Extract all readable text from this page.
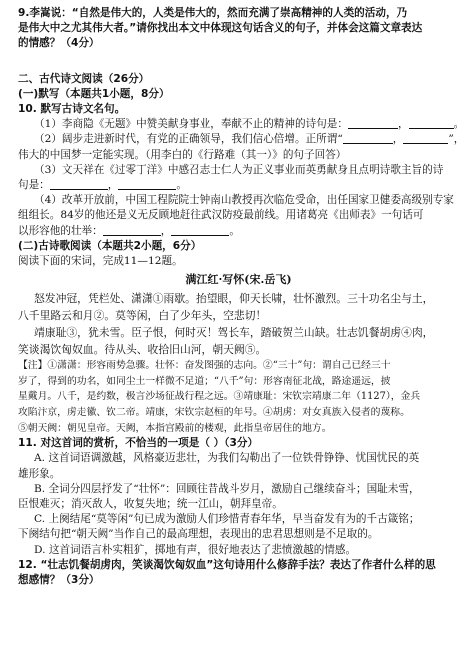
9.李嵩说：“自然是伟大的，人类是伟大的，然而充满了崇高精神的人类的活动，乃
是伟大中之尤其伟大者。”请你找出本文中体现这句话含义的句子，并体会这篇文章表达
的情感？（4分）
二、古代诗文阅读（26分）
(一)默写（本题共1小题，8分）
10. 默写古诗文名句。
（1）李商隐《无题》中赞美献身事业，奉献不止的精神的诗句是：	，	。
（2）阔步走进新时代，有党的正确领导，我们信心倍增。正所谓“	，	”，
伟大的中国梦一定能实现。（用李白的《行路难（其一）》的句子回答）
（3）文天祥在《过零丁洋》中感召志士仁人为正义事业而英勇献身且点明诗歌主旨的诗
句是：	，	。
（4）改革开放前，中国工程院院士钟南山教授再次临危受命，出任国家卫健委高级别专家
组组长。84岁的他还是义无反顾地赶往武汉防疫最前线。用诸葛亮《出师表》一句话可
以形容他的壮举：	，	。
(二)古诗歌阅读（本题共2小题，6分）
阅读下面的宋词，完成11—12题。
满江红·写怀(宋.岳飞)
怒发冲冠，凭栏处、潇潇①雨歇。抬望眼，仰天长啸，壮怀激烈。三十功名尘与土，
八千里路云和月②。莫等闲，白了少年头，空悲切！
靖康耻③，犹未雪。臣子恨，何时灭！驾长车，踏破贺兰山缺。壮志饥餐胡虏④肉，
笑谈渴饮匈奴血。待从头、收拾旧山河，朝天阙⑤。
【注】①潇潇：形容雨势急骤。壮怀：奋发图强的志向。②“三十”句：谓自己已经三十
岁了，得到的功名，如同尘土一样微不足道；“八千”句：形容南征北战，路途遥远，披
星戴月。八千，是约数，极言沙场征战行程之远。③靖康耻：宋钦宗靖康二年（1127），金兵
攻陷汴京，虏走徽、钦二帝。靖康，宋钦宗赵桓的年号。④胡虏：对女真族入侵者的蔑称。
⑤朝天阙：朝见皇帝。天阙，本指宫殿前的楼观，此指皇帝居住的地方。
11. 对这首词的赏析，不恰当的一项是（ ）（3分）
A. 这首词语调激越，风格豪迈悲壮，为我们勾勒出了一位铁骨铮铮、忧国忧民的英
雄形象。
B. 全词分四层抒发了“壮怀”：回顾往昔战斗岁月，激励自己继续奋斗；国耻未雪，
臣恨难灭；消灭敌人，收复失地；统一江山，朝拜皇帝。
C. 上阕结尾“莫等闲”句已成为激励人们珍惜青春年华，早当奋发有为的千古箴铭；
下阕结句把“朝天阙”当作自己的最高理想，表现出的忠君思想则是不足取的。
D. 这首词语言朴实粗犷，掷地有声，很好地表达了悲愤激越的情感。
12. “壮志饥餐胡虏肉，笑谈渴饮匈奴血”这句诗用什么修辞手法？表达了作者什么样的思
想感情？（3分）
